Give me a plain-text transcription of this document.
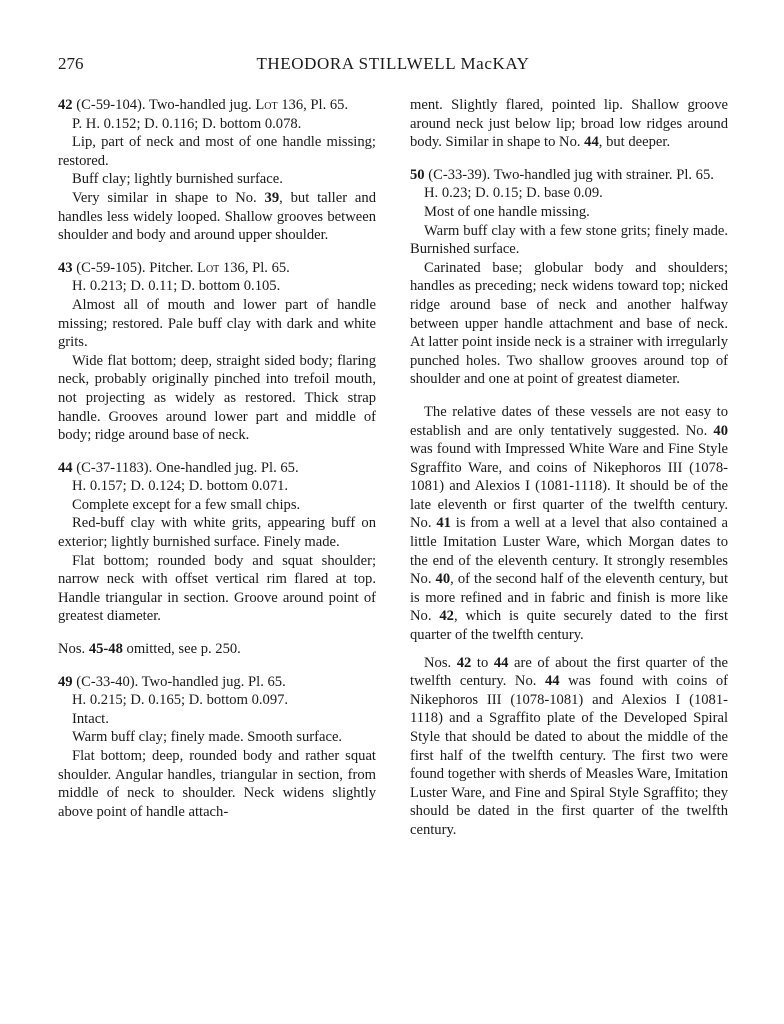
276	THEODORA STILLWELL MacKAY

42 (C-59-104). Two-handled jug. Lot 136, Pl. 65.

P. H. 0.152; D. 0.116; D. bottom 0.078.

Lip, part of neck and most of one handle missing; restored.

Buff clay; lightly burnished surface.

Very similar in shape to No. 39, but taller and handles less widely looped. Shallow grooves between shoulder and body and around upper shoulder.

43 (C-59-105). Pitcher. Lot 136, Pl. 65.

H. 0.213; D. 0.11; D. bottom 0.105.

Almost all of mouth and lower part of handle missing; restored. Pale buff clay with dark and white grits.

Wide flat bottom; deep, straight sided body; flaring neck, probably originally pinched into trefoil mouth, not projecting as widely as restored. Thick strap handle. Grooves around lower part and middle of body; ridge around base of neck.

44 (C-37-1183). One-handled jug. Pl. 65.

H. 0.157; D. 0.124; D. bottom 0.071.

Complete except for a few small chips.

Red-buff clay with white grits, appearing buff on exterior; lightly burnished surface. Finely made.

Flat bottom; rounded body and squat shoulder; narrow neck with offset vertical rim flared at top. Handle triangular in section. Groove around point of greatest diameter.

Nos. 45-48 omitted, see p. 250.

49 (C-33-40). Two-handled jug. Pl. 65.

H. 0.215; D. 0.165; D. bottom 0.097.

Intact.

Warm buff clay; finely made. Smooth surface.

Flat bottom; deep, rounded body and rather squat shoulder. Angular handles, triangular in section, from middle of neck to shoulder. Neck widens slightly above point of handle attach-

ment. Slightly flared, pointed lip. Shallow groove around neck just below lip; broad low ridges around body. Similar in shape to No. 44, but deeper.

50 (C-33-39). Two-handled jug with strainer. Pl. 65.

H. 0.23; D. 0.15; D. base 0.09.

Most of one handle missing.

Warm buff clay with a few stone grits; finely made. Burnished surface.

Carinated base; globular body and shoulders; handles as preceding; neck widens toward top; nicked ridge around base of neck and another halfway between upper handle attachment and base of neck. At latter point inside neck is a strainer with irregularly punched holes. Two shallow grooves around top of shoulder and one at point of greatest diameter.

The relative dates of these vessels are not easy to establish and are only tentatively suggested. No. 40 was found with Impressed White Ware and Fine Style Sgraffito Ware, and coins of Nikephoros III (1078-1081) and Alexios I (1081-1118). It should be of the late eleventh or first quarter of the twelfth century. No. 41 is from a well at a level that also contained a little Imitation Luster Ware, which Morgan dates to the end of the eleventh century. It strongly resembles No. 40, of the second half of the eleventh century, but is more refined and in fabric and finish is more like No. 42, which is quite securely dated to the first quarter of the twelfth century.

Nos. 42 to 44 are of about the first quarter of the twelfth century. No. 44 was found with coins of Nikephoros III (1078-1081) and Alexios I (1081-1118) and a Sgraffito plate of the Developed Spiral Style that should be dated to about the middle of the first half of the twelfth century. The first two were found together with sherds of Measles Ware, Imitation Luster Ware, and Fine and Spiral Style Sgraffito; they should be dated in the first quarter of the twelfth century.
